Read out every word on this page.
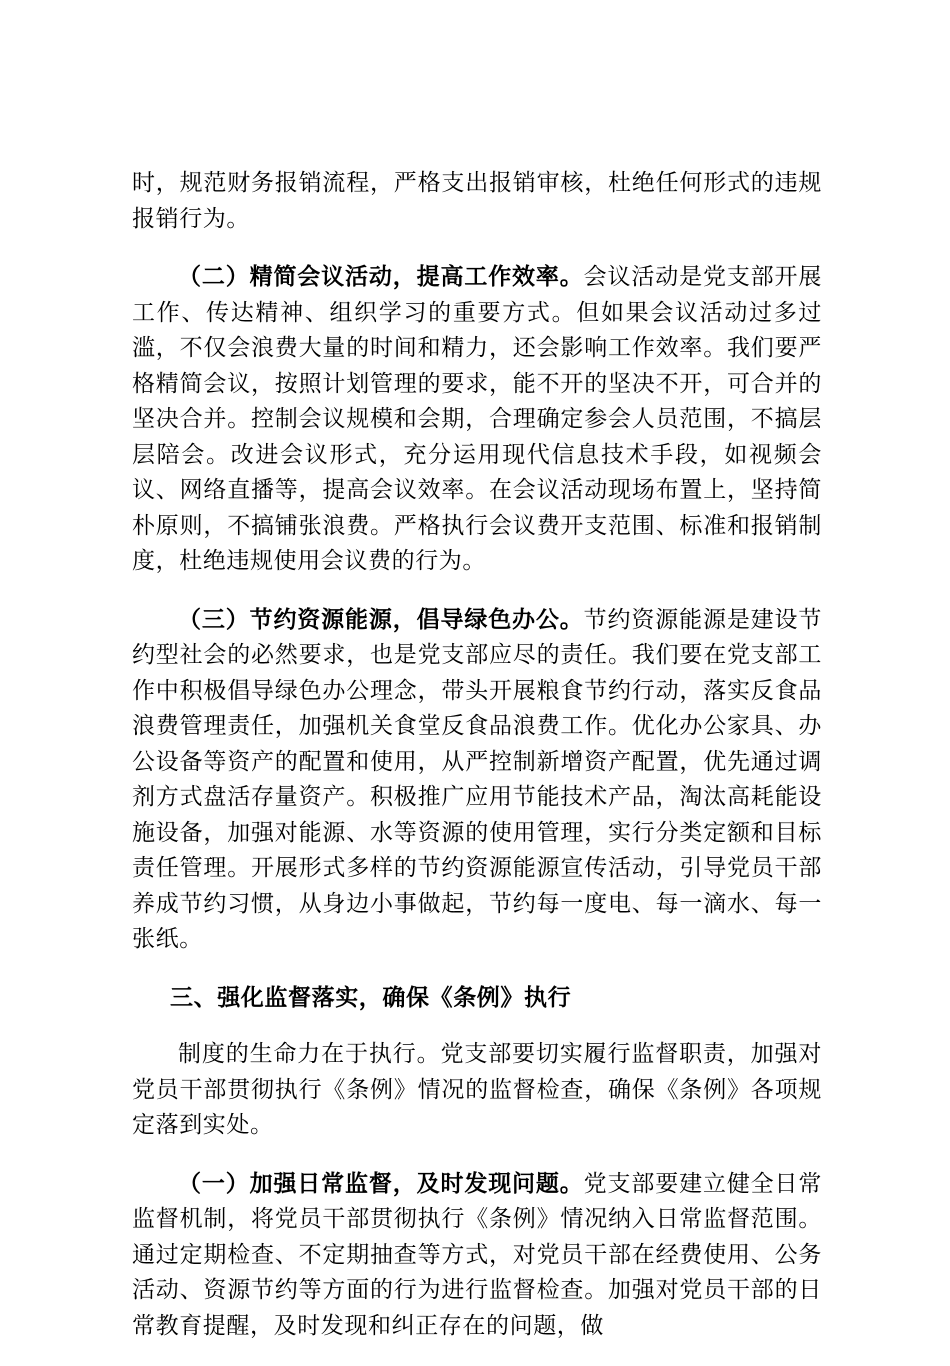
时，规范财务报销流程，严格支出报销审核，杜绝任何形式的违规报销行为。

（二）精简会议活动，提高工作效率。会议活动是党支部开展工作、传达精神、组织学习的重要方式。但如果会议活动过多过滥，不仅会浪费大量的时间和精力，还会影响工作效率。我们要严格精简会议，按照计划管理的要求，能不开的坚决不开，可合并的坚决合并。控制会议规模和会期，合理确定参会人员范围，不搞层层陪会。改进会议形式，充分运用现代信息技术手段，如视频会议、网络直播等，提高会议效率。在会议活动现场布置上，坚持简朴原则，不搞铺张浪费。严格执行会议费开支范围、标准和报销制度，杜绝违规使用会议费的行为。

（三）节约资源能源，倡导绿色办公。节约资源能源是建设节约型社会的必然要求，也是党支部应尽的责任。我们要在党支部工作中积极倡导绿色办公理念，带头开展粮食节约行动，落实反食品浪费管理责任，加强机关食堂反食品浪费工作。优化办公家具、办公设备等资产的配置和使用，从严控制新增资产配置，优先通过调剂方式盘活存量资产。积极推广应用节能技术产品，淘汰高耗能设施设备，加强对能源、水等资源的使用管理，实行分类定额和目标责任管理。开展形式多样的节约资源能源宣传活动，引导党员干部养成节约习惯，从身边小事做起，节约每一度电、每一滴水、每一张纸。

三、强化监督落实，确保《条例》执行

制度的生命力在于执行。党支部要切实履行监督职责，加强对党员干部贯彻执行《条例》情况的监督检查，确保《条例》各项规定落到实处。

（一）加强日常监督，及时发现问题。党支部要建立健全日常监督机制，将党员干部贯彻执行《条例》情况纳入日常监督范围。通过定期检查、不定期抽查等方式，对党员干部在经费使用、公务活动、资源节约等方面的行为进行监督检查。加强对党员干部的日常教育提醒，及时发现和纠正存在的问题，做
